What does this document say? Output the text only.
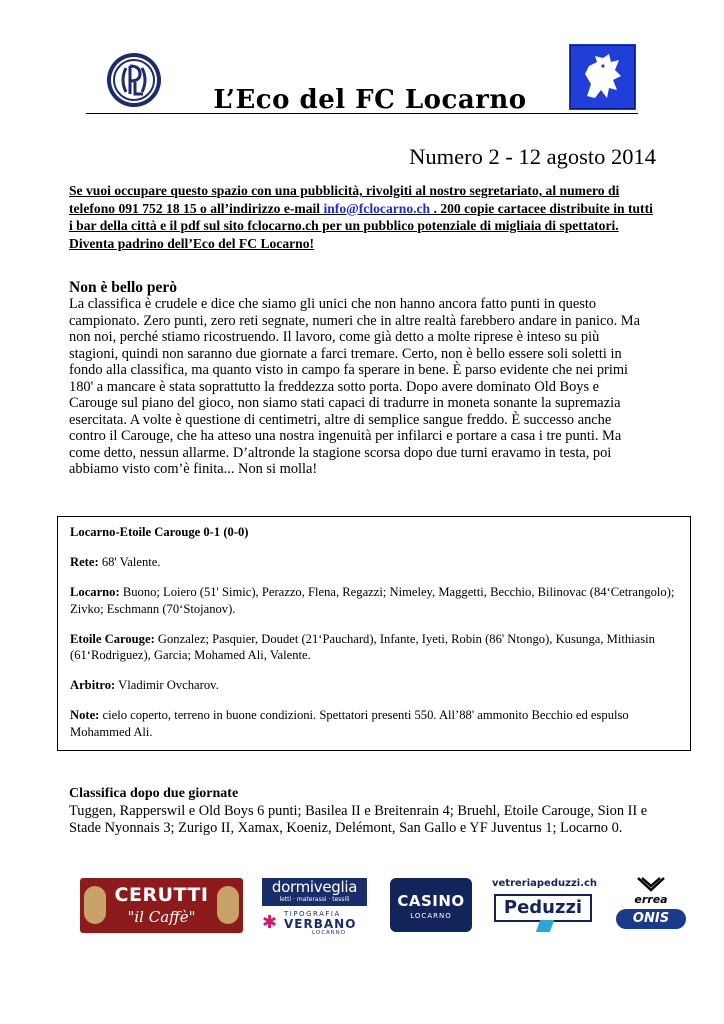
L’Eco del FC Locarno
Numero 2 - 12 agosto 2014
Se vuoi occupare questo spazio con una pubblicità, rivolgiti al nostro segretariato, al numero di telefono 091 752 18 15 o all’indirizzo e-mail info@fclocarno.ch . 200 copie cartacee distribuite in tutti i bar della città e il pdf sul sito fclocarno.ch per un pubblico potenziale di migliaia di spettatori. Diventa padrino dell’Eco del FC Locarno!
Non è bello però
La classifica è crudele e dice che siamo gli unici che non hanno ancora fatto punti in questo campionato. Zero punti, zero reti segnate, numeri che in altre realtà farebbero andare in panico. Ma non noi, perché stiamo ricostruendo. Il lavoro, come già detto a molte riprese è inteso su più stagioni, quindi non saranno due giornate a farci tremare. Certo, non è bello essere soli soletti in fondo alla classifica, ma quanto visto in campo fa sperare in bene. È parso evidente che nei primi 180' a mancare è stata soprattutto la freddezza sotto porta. Dopo avere dominato Old Boys e Carouge sul piano del gioco, non siamo stati capaci di tradurre in moneta sonante la supremazia esercitata. A volte è questione di centimetri, altre di semplice sangue freddo. È successo anche contro il Carouge, che ha atteso una nostra ingenuità per infilarci e portare a casa i tre punti. Ma come detto, nessun allarme. D’altronde la stagione scorsa dopo due turni eravamo in testa, poi abbiamo visto com’è finita... Non si molla!

Locarno-Etoile Carouge 0-1 (0-0)

Rete: 68' Valente.

Locarno: Buono; Loiero (51' Simic), Perazzo, Flena, Regazzi; Nimeley, Maggetti, Becchio, Bilinovac (84‘Cetrangolo); Zivko; Eschmann (70‘Stojanov).

Etoile Carouge: Gonzalez; Pasquier, Doudet (21‘Pauchard), Infante, Iyeti, Robin (86' Ntongo), Kusunga, Mithiasin (61‘Rodriguez), Garcia; Mohamed Ali, Valente.

Arbitro: Vladimir Ovcharov.

Note: cielo coperto, terreno in buone condizioni. Spettatori presenti 550. All’88' ammonito Becchio ed espulso Mohammed Ali.

Classifica dopo due giornate
Tuggen, Rapperswil e Old Boys 6 punti; Basilea II e Breitenrain 4; Bruehl, Etoile Carouge, Sion II e Stade Nyonnais 3; Zurigo II, Xamax, Koeniz, Delémont, San Gallo e YF Juventus 1; Locarno 0.
CERUTTI
"il Caffè"
dormiveglia
letti · materassi · tessili
✱ TIPOGRAFIA
VERBANO
LOCARNO
CASINO
LOCARNO
vetreriapeduzzi.ch
Peduzzi	errea
ONIS
